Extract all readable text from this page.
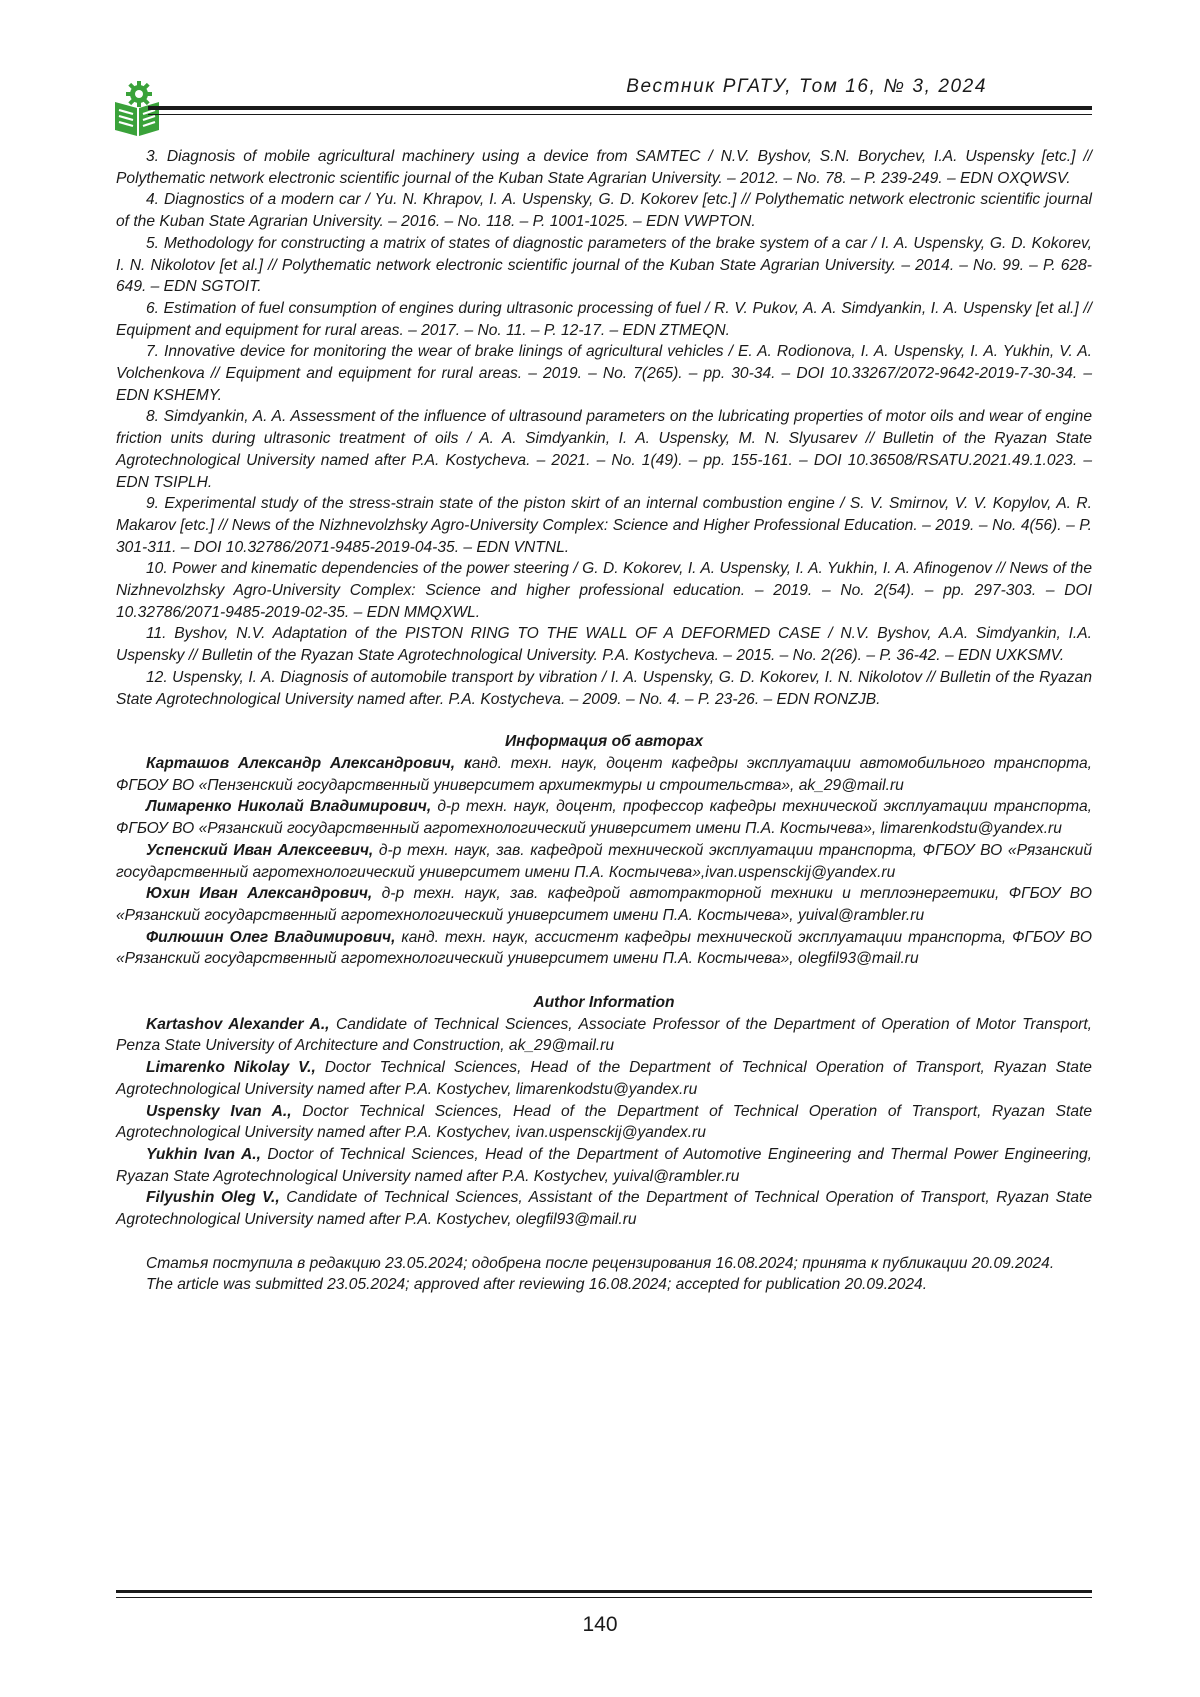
Вестник РГАТУ, Том 16, № 3, 2024

3. Diagnosis of mobile agricultural machinery using a device from SAMTEC / N.V. Byshov, S.N. Borychev, I.A. Uspensky [etc.] // Polythematic network electronic scientific journal of the Kuban State Agrarian University. – 2012. – No. 78. – P. 239-249. – EDN OXQWSV.

4. Diagnostics of a modern car / Yu. N. Khrapov, I. A. Uspensky, G. D. Kokorev [etc.] // Polythematic network electronic scientific journal of the Kuban State Agrarian University. – 2016. – No. 118. – P. 1001-1025. – EDN VWPTON.

5. Methodology for constructing a matrix of states of diagnostic parameters of the brake system of a car / I. A. Uspensky, G. D. Kokorev, I. N. Nikolotov [et al.] // Polythematic network electronic scientific journal of the Kuban State Agrarian University. – 2014. – No. 99. – P. 628-649. – EDN SGTOIT.

6. Estimation of fuel consumption of engines during ultrasonic processing of fuel / R. V. Pukov, A. A. Simdyankin, I. A. Uspensky [et al.] // Equipment and equipment for rural areas. – 2017. – No. 11. – P. 12-17. – EDN ZTMEQN.

7. Innovative device for monitoring the wear of brake linings of agricultural vehicles / E. A. Rodionova, I. A. Uspensky, I. A. Yukhin, V. A. Volchenkova // Equipment and equipment for rural areas. – 2019. – No. 7(265). – pp. 30-34. – DOI 10.33267/2072-9642-2019-7-30-34. – EDN KSHEMY.

8. Simdyankin, A. A. Assessment of the influence of ultrasound parameters on the lubricating properties of motor oils and wear of engine friction units during ultrasonic treatment of oils / A. A. Simdyankin, I. A. Uspensky, M. N. Slyusarev // Bulletin of the Ryazan State Agrotechnological University named after P.A. Kostycheva. – 2021. – No. 1(49). – pp. 155-161. – DOI 10.36508/RSATU.2021.49.1.023. – EDN TSIPLH.

9. Experimental study of the stress-strain state of the piston skirt of an internal combustion engine / S. V. Smirnov, V. V. Kopylov, A. R. Makarov [etc.] // News of the Nizhnevolzhsky Agro-University Complex: Science and Higher Professional Education. – 2019. – No. 4(56). – P. 301-311. – DOI 10.32786/2071-9485-2019-04-35. – EDN VNTNL.

10. Power and kinematic dependencies of the power steering / G. D. Kokorev, I. A. Uspensky, I. A. Yukhin, I. A. Afinogenov // News of the Nizhnevolzhsky Agro-University Complex: Science and higher professional education. – 2019. – No. 2(54). – pp. 297-303. – DOI 10.32786/2071-9485-2019-02-35. – EDN MMQXWL.

11. Byshov, N.V. Adaptation of the PISTON RING TO THE WALL OF A DEFORMED CASE / N.V. Byshov, A.A. Simdyankin, I.A. Uspensky // Bulletin of the Ryazan State Agrotechnological University. P.A. Kostycheva. – 2015. – No. 2(26). – P. 36-42. – EDN UXKSMV.

12. Uspensky, I. A. Diagnosis of automobile transport by vibration / I. A. Uspensky, G. D. Kokorev, I. N. Nikolotov // Bulletin of the Ryazan State Agrotechnological University named after. P.A. Kostycheva. – 2009. – No. 4. – P. 23-26. – EDN RONZJB.

Информация об авторах

Карташов Александр Александрович, канд. техн. наук, доцент кафедры эксплуатации автомобильного транспорта, ФГБОУ ВО «Пензенский государственный университет архитектуры и строительства», ak_29@mail.ru

Лимаренко Николай Владимирович, д-р техн. наук, доцент, профессор кафедры технической эксплуатации транспорта, ФГБОУ ВО «Рязанский государственный агротехнологический университет имени П.А. Костычева», limarenkodstu@yandex.ru

Успенский Иван Алексеевич, д-р техн. наук, зав. кафедрой технической эксплуатации транспорта, ФГБОУ ВО «Рязанский государственный агротехнологический университет имени П.А. Костычева»,ivan.uspensckij@yandex.ru

Юхин Иван Александрович, д-р техн. наук, зав. кафедрой автотракторной техники и теплоэнергетики, ФГБОУ ВО «Рязанский государственный агротехнологический университет имени П.А. Костычева», yuival@rambler.ru

Филюшин Олег Владимирович, канд. техн. наук, ассистент кафедры технической эксплуатации транспорта, ФГБОУ ВО «Рязанский государственный агротехнологический университет имени П.А. Костычева», olegfil93@mail.ru

Author Information

Kartashov Alexander A., Candidate of Technical Sciences, Associate Professor of the Department of Operation of Motor Transport, Penza State University of Architecture and Construction, ak_29@mail.ru

Limarenko Nikolay V., Doctor Technical Sciences, Head of the Department of Technical Operation of Transport, Ryazan State Agrotechnological University named after P.A. Kostychev, limarenkodstu@yandex.ru

Uspensky Ivan A., Doctor Technical Sciences, Head of the Department of Technical Operation of Transport, Ryazan State Agrotechnological University named after P.A. Kostychev, ivan.uspensckij@yandex.ru

Yukhin Ivan A., Doctor of Technical Sciences, Head of the Department of Automotive Engineering and Thermal Power Engineering, Ryazan State Agrotechnological University named after P.A. Kostychev, yuival@rambler.ru

Filyushin Oleg V., Candidate of Technical Sciences, Assistant of the Department of Technical Operation of Transport, Ryazan State Agrotechnological University named after P.A. Kostychev, olegfil93@mail.ru

Статья поступила в редакцию 23.05.2024; одобрена после рецензирования 16.08.2024; принята к публикации 20.09.2024.

The article was submitted 23.05.2024; approved after reviewing 16.08.2024; accepted for publication 20.09.2024.

140
